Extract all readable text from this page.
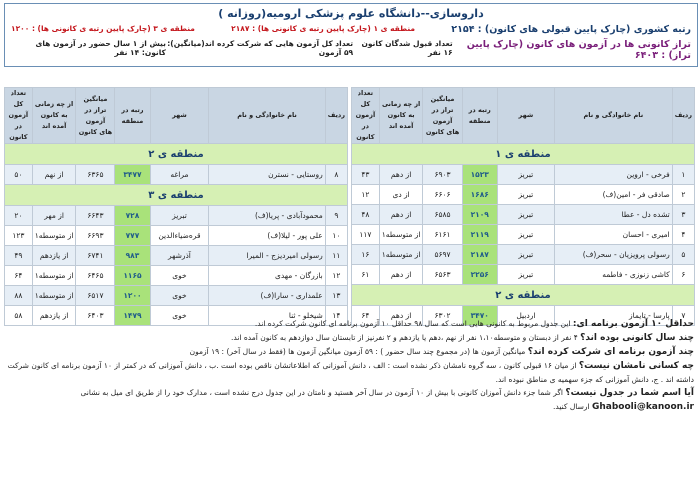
داروسازی--دانشگاه علوم پزشکی ارومیه(روزانه )
رتبه کشوری (چارک پایین قبولی های کانون) : ۲۱۵۴
منطقه ی ۱ (چارک پایین رتبه ی کانونی ها) : ۲۱۸۷
منطقه ی ۳ (چارک پایین رتبه ی کانونی ها) : ۱۲۰۰
تراز کانونی ها در آزمون های کانون (چارک پایین تراز) : ۶۴۰۳
تعداد قبول شدگان کانون ۱۶ نفر
تعداد کل آزمون هایی که شرکت کرده اند(میانگین): ۵۹ آزمون
بیش از ۱ سال حضور در آزمون های کانون: ۱۴ نفر
ردیف	نام خانوادگی و نام	شهر	رتبه در منطقه	میانگین تراز در آزمون های کانون	از چه زمانی به کانون آمده اند	تعداد کل آزمون در کانون
منطقه ی ۱						
۱	فرخی - اروین	تبریز	۱۵۲۳	۶۹۰۳	از دهم	۴۳
۲	صادقی فر - امین(ف)	تبریز	۱۶۸۶	۶۶۰۶	از دی	۱۲
۳	تشده دل - عطا	تبریز	۲۱۰۹	۶۵۸۵	از دهم	۴۸
۴	امیری - احسان	تبریز	۲۱۱۹	۶۱۶۱	از متوسطه۱	۱۱۷
۵	رسولی پرویزیان - سحر(ف)	تبریز	۲۱۸۷	۵۶۹۷	از متوسطه۱	۱۶
۶	کاشی زنوزی - فاطمه	تبریز	۲۲۵۶	۶۵۶۳	از دهم	۶۱
منطقه ی ۲						
۷	پارسا - تایماز	اردبیل	۳۴۷۰	۶۳۰۲	از دهم	۶۴
ردیف	نام خانوادگی و نام	شهر	رتبه در منطقه	میانگین تراز در آزمون های کانون	از چه زمانی به کانون آمده اند	تعداد کل آزمون در کانون
منطقه ی ۲						
۸	روستایی - نسترن	مراغه	۳۴۷۷	۶۳۶۵	از نهم	۵۰
منطقه ی ۳						
۹	محمودآبادی - پریا(ف)	تبریز	۷۲۸	۶۶۴۳	از مهر	۲۰
۱۰	علی پور - لیلا(ف)	قره‌ضیاءالدین	۷۷۷	۶۶۹۳	از متوسطه۱	۱۲۳
۱۱	رسولی امیردیزج - المیرا	آذرشهر	۹۸۳	۶۷۴۱	از یازدهم	۴۹
۱۲	بازرگان - مهدی	خوی	۱۱۶۵	۶۴۶۵	از متوسطه۱	۶۴
۱۳	علمداری - سارا(ف)	خوی	۱۲۰۰	۶۵۱۷	از متوسطه۱	۸۸
۱۴	شیخلو - ثنا	خوی	۱۴۷۹	۶۴۰۳	از یازدهم	۵۸
حداقل ۱۰ آزمون برنامه ای: این جدول مربوط به کانونی هایی است که سال ۹۸ حداقل ۱۰ آزمون برنامه ای کانون شرکت کرده اند.
چند سال کانونی بوده اند؟ ۴ نفر از دبستان و متوسطه۱،۱۰ نفر از نهم ،دهم یا یازدهم و ۲ نفرنیز از تابستان سال دوازدهم به کانون آمده اند.
چند آزمون برنامه ای شرکت کرده اند؟ میانگین آزمون ها (در مجموع چند سال حضور ) : ۵۹ آزمون میانگین آزمون ها (فقط در سال آخر) : ۱۹ آزمون
چه کسانی نامشان نیست؟ از میان ۱۶ قبولی کانون ، سه گروه نامشان ذکر نشده است : الف ، دانش آموزانی که اطلاعاتشان ناقص بوده است .ب ، دانش آموزانی که در کمتر از ۱۰ آزمون برنامه ای کانون شرکت داشته اند . ج، دانش آموزانی که جزء سهمیه ی مناطق نبوده اند.
آیا اسم شما در جدول نیست؟ اگر شما جزء دانش آموزان کانونی با بیش از ۱۰ آزمون در سال آخر هستید و نامتان در این جدول درج نشده است ، مدارک خود را از طریق ای میل به نشانی
Ghabooli@kanoon.ir ارسال کنید.
